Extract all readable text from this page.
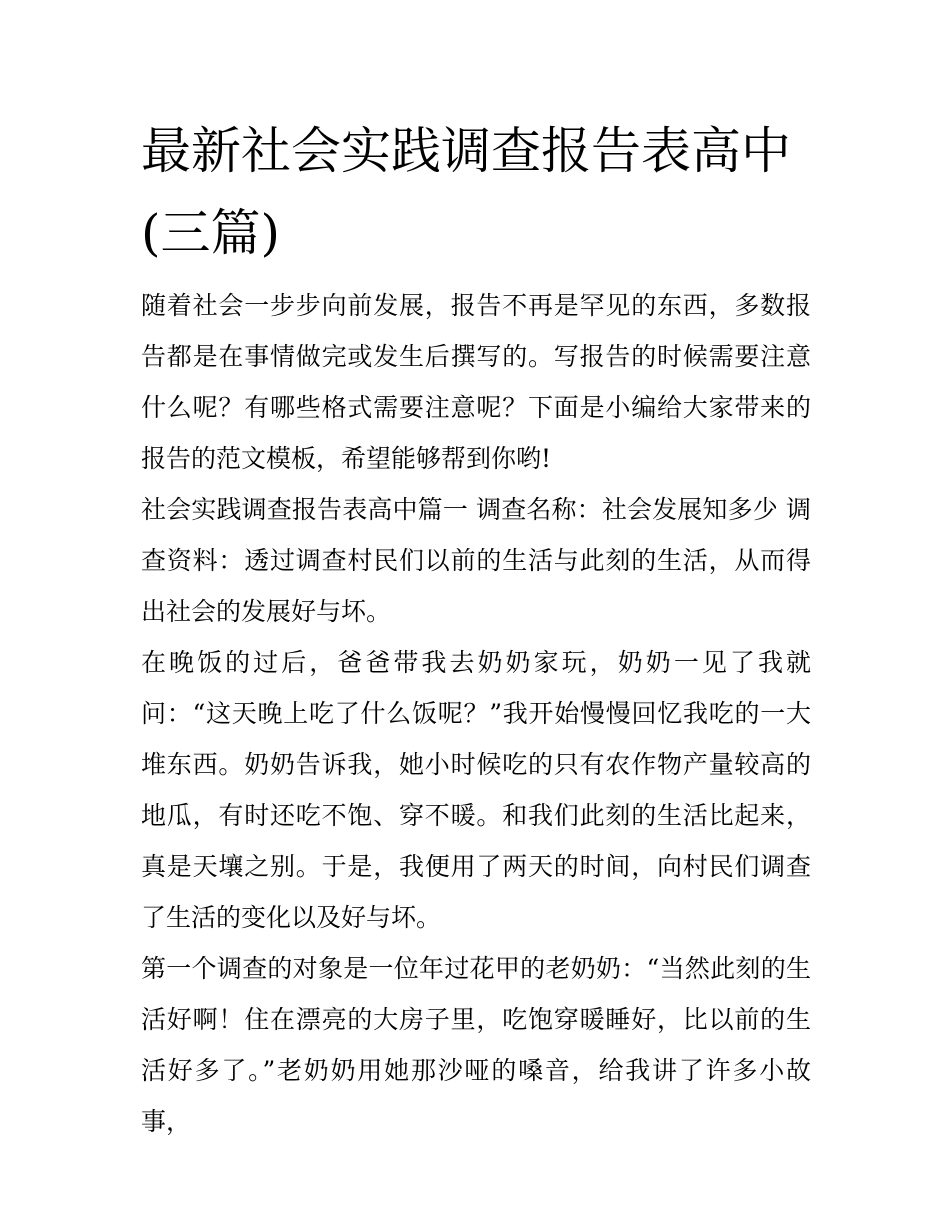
最新社会实践调查报告表高中(三篇)

随着社会一步步向前发展，报告不再是罕见的东西，多数报告都是在事情做完或发生后撰写的。写报告的时候需要注意什么呢？有哪些格式需要注意呢？下面是小编给大家带来的报告的范文模板，希望能够帮到你哟!

社会实践调查报告表高中篇一 调查名称：社会发展知多少 调查资料：透过调查村民们以前的生活与此刻的生活，从而得出社会的发展好与坏。

在晚饭的过后，爸爸带我去奶奶家玩，奶奶一见了我就问：“这天晚上吃了什么饭呢？”我开始慢慢回忆我吃的一大堆东西。奶奶告诉我，她小时候吃的只有农作物产量较高的地瓜，有时还吃不饱、穿不暖。和我们此刻的生活比起来，真是天壤之别。于是，我便用了两天的时间，向村民们调查了生活的变化以及好与坏。

第一个调查的对象是一位年过花甲的老奶奶：“当然此刻的生活好啊！住在漂亮的大房子里，吃饱穿暖睡好，比以前的生活好多了。”老奶奶用她那沙哑的嗓音，给我讲了许多小故事，
